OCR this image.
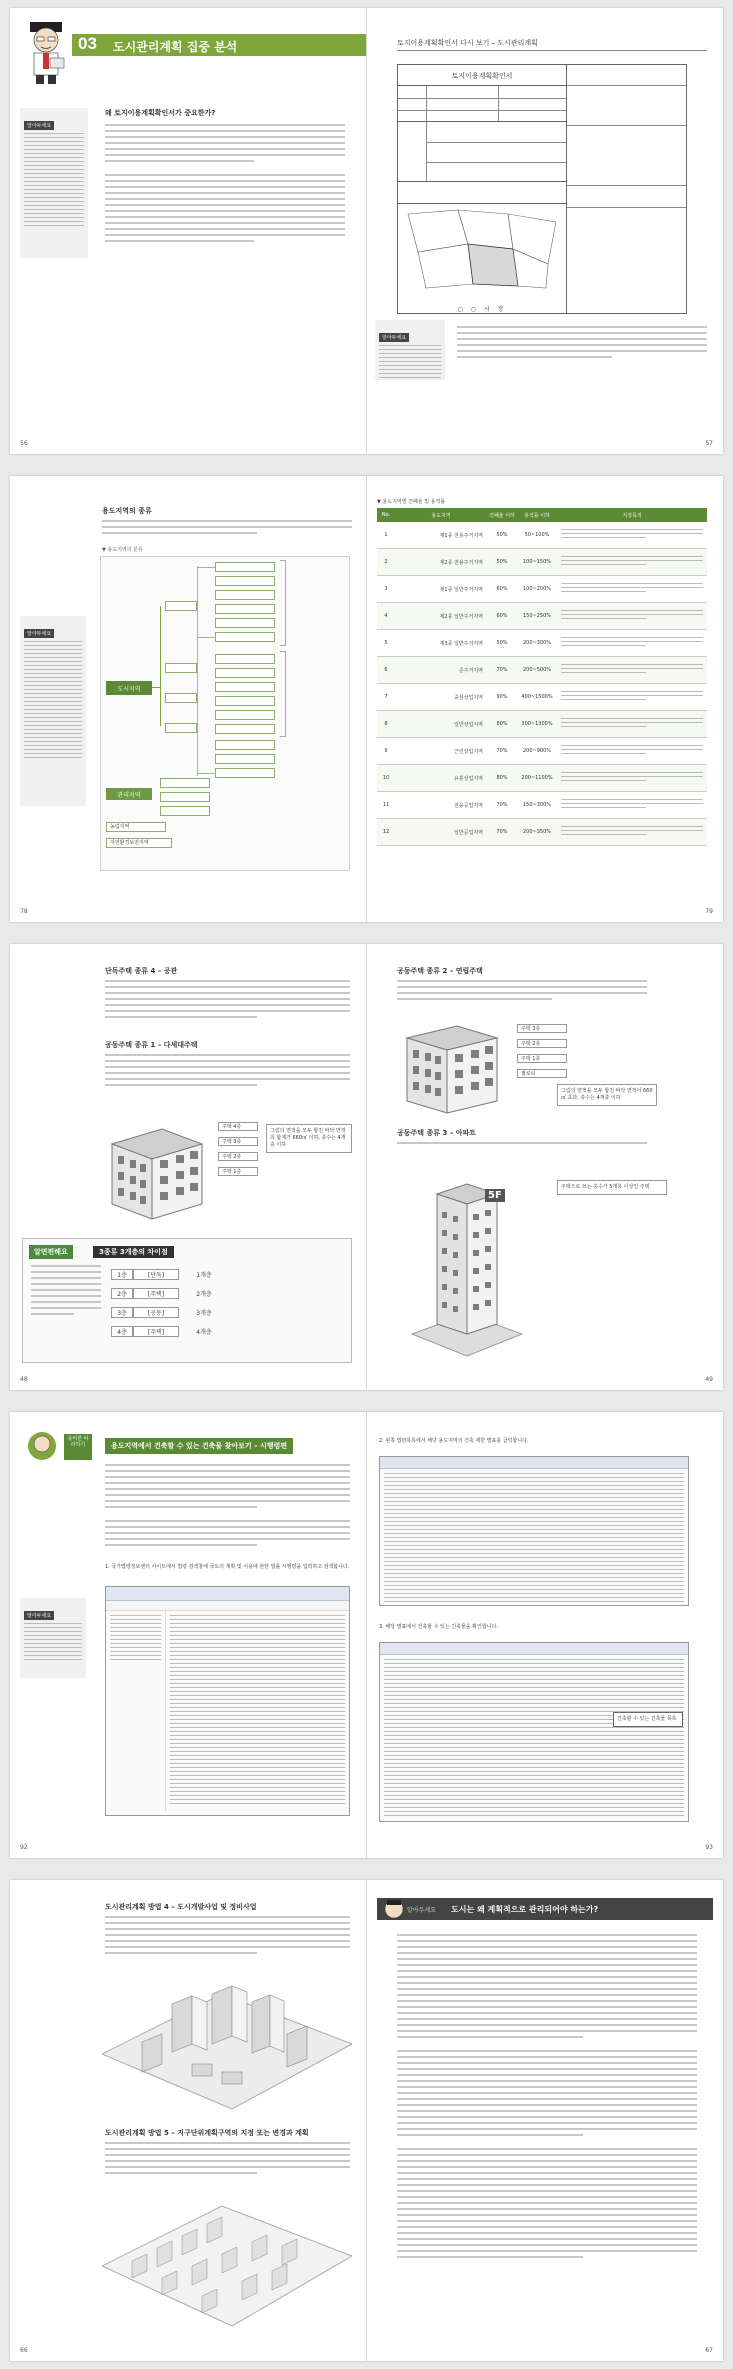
03 도시관리계획 집중 분석
알아두세요
왜 토지이용계획확인서가 중요한가?
56
토지이용계획확인서 다시 보기 – 도시관리계획
토지이용계획확인서
○ ○ 시 장
알아두세요
57
용도지역의 종류
▼ 용도지역의 분류
알아두세요
도시지역
관리지역
농림지역
자연환경보전지역
78
▼ 용도지역별 건폐율 및 용적률
No.	용도지역	건폐율 이하	용적률 이하	지정목적
1	제1종 전용주거지역	50%	50~100%
2	제2종 전용주거지역	50%	100~150%
3	제1종 일반주거지역	60%	100~200%
4	제2종 일반주거지역	60%	150~250%
5	제3종 일반주거지역	50%	200~300%
6	준주거지역	70%	200~500%
7	중심상업지역	90%	400~1500%
8	일반상업지역	80%	300~1300%
9	근린상업지역	70%	200~900%
10	유통상업지역	80%	200~1100%
11	전용공업지역	70%	150~300%
12	일반공업지역	70%	200~350%
79
단독주택 종류 4 – 공관
공동주택 종류 1 – 다세대주택
주택 4층
주택 3층
주택 2층
주택 1층
그림의 면적을 모두 합친 바닥 면적의 합계가 660㎡ 이하, 층수는 4개층 이하
알면편해요	3종류 3개층의 차이점
1층	[단독]	1개층
2층	[주택]	2개층
3층	[공동]	3개층
4층	[주택]	4개층
48
공동주택 종류 2 – 연립주택
주택 3층
주택 2층
주택 1층
필로티
그림의 면적을 모두 합친 바닥 면적이 660㎡ 초과, 층수는 4개층 이하
공동주택 종류 3 – 아파트
5F
주택으로 쓰는 층수가 5개층 이상인 주택
49
유익한 따라하기	용도지역에서 건축할 수 있는 건축물 찾아보기 – 시행령편
1. 국가법령정보센터 사이트에서 법령 검색창에 국토의 계획 및 이용에 관한 법률 시행령을 입력하고 검색합니다.
알아두세요
92
2. 왼쪽 법령목록에서 해당 용도지역의 건축 제한 별표를 클릭합니다.
3. 해당 별표에서 건축할 수 있는 건축물을 확인합니다.
건축할 수 있는 건축물 목록
93
도시관리계획 방법 4 – 도시개발사업 및 정비사업
도시관리계획 방법 5 – 지구단위계획구역의 지정 또는 변경과 계획
66
알아두세요 도시는 왜 계획적으로 관리되어야 하는가?
67
